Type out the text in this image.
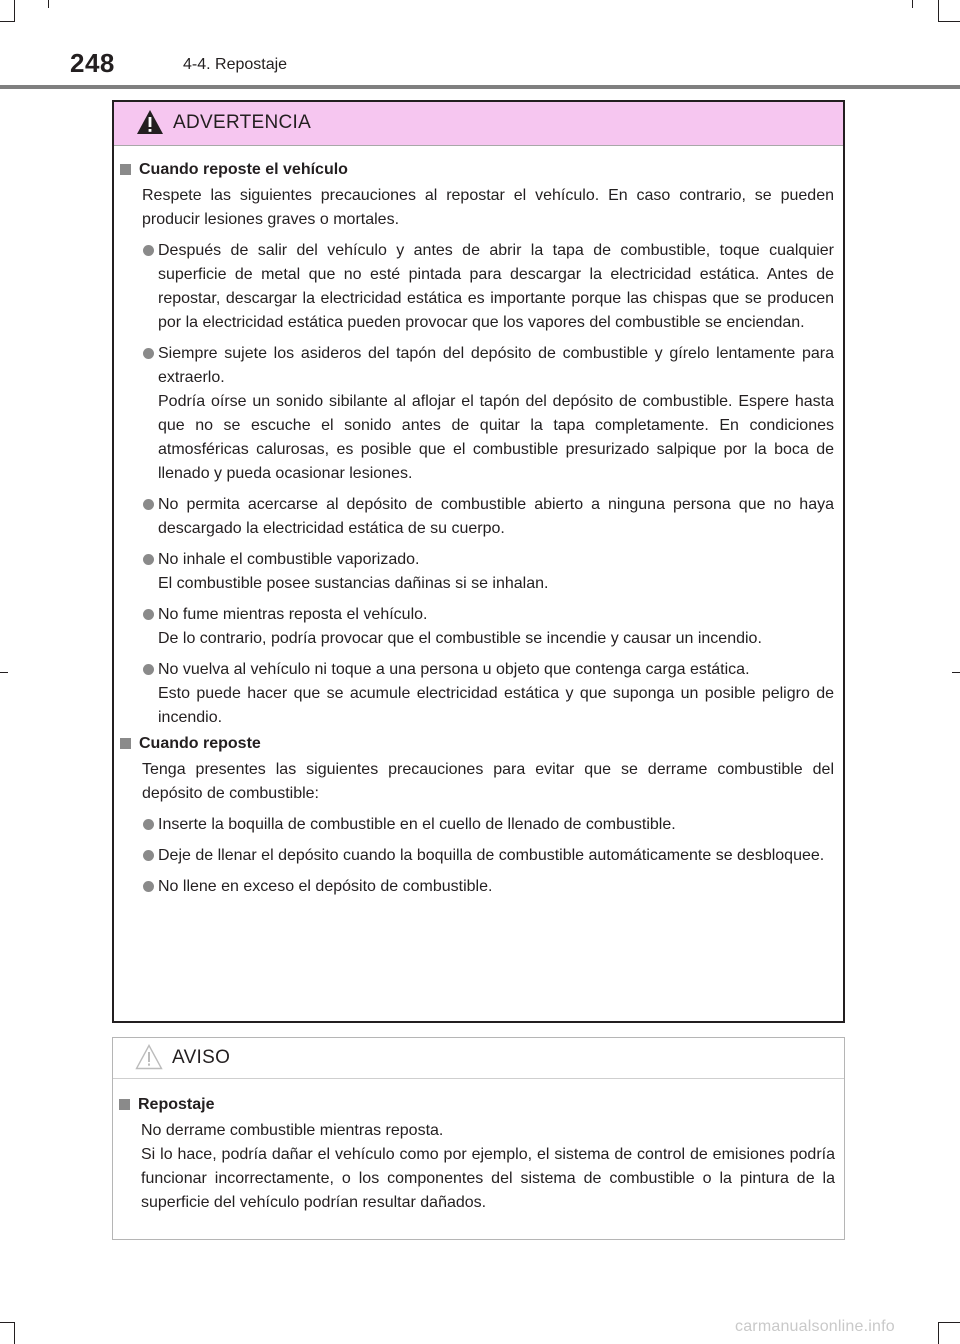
248	4-4. Repostaje
ADVERTENCIA
Cuando reposte el vehículo
Respete las siguientes precauciones al repostar el vehículo. En caso contrario, se pueden producir lesiones graves o mortales.
Después de salir del vehículo y antes de abrir la tapa de combustible, toque cualquier superficie de metal que no esté pintada para descargar la electricidad estática. Antes de repostar, descargar la electricidad estática es importante porque las chispas que se producen por la electricidad estática pueden provocar que los vapores del combustible se enciendan.
Siempre sujete los asideros del tapón del depósito de combustible y gírelo lentamente para extraerlo.
Podría oírse un sonido sibilante al aflojar el tapón del depósito de combustible. Espere hasta que no se escuche el sonido antes de quitar la tapa completamente. En condiciones atmosféricas calurosas, es posible que el combustible presurizado salpique por la boca de llenado y pueda ocasionar lesiones.
No permita acercarse al depósito de combustible abierto a ninguna persona que no haya descargado la electricidad estática de su cuerpo.
No inhale el combustible vaporizado.
El combustible posee sustancias dañinas si se inhalan.
No fume mientras reposta el vehículo.
De lo contrario, podría provocar que el combustible se incendie y causar un incendio.
No vuelva al vehículo ni toque a una persona u objeto que contenga carga estática.
Esto puede hacer que se acumule electricidad estática y que suponga un posible peligro de incendio.
Cuando reposte
Tenga presentes las siguientes precauciones para evitar que se derrame combustible del depósito de combustible:
Inserte la boquilla de combustible en el cuello de llenado de combustible.
Deje de llenar el depósito cuando la boquilla de combustible automáticamente se desbloquee.
No llene en exceso el depósito de combustible.
AVISO
Repostaje
No derrame combustible mientras reposta.
Si lo hace, podría dañar el vehículo como por ejemplo, el sistema de control de emisiones podría funcionar incorrectamente, o los componentes del sistema de combustible o la pintura de la superficie del vehículo podrían resultar dañados.
carmanualsonline.info
